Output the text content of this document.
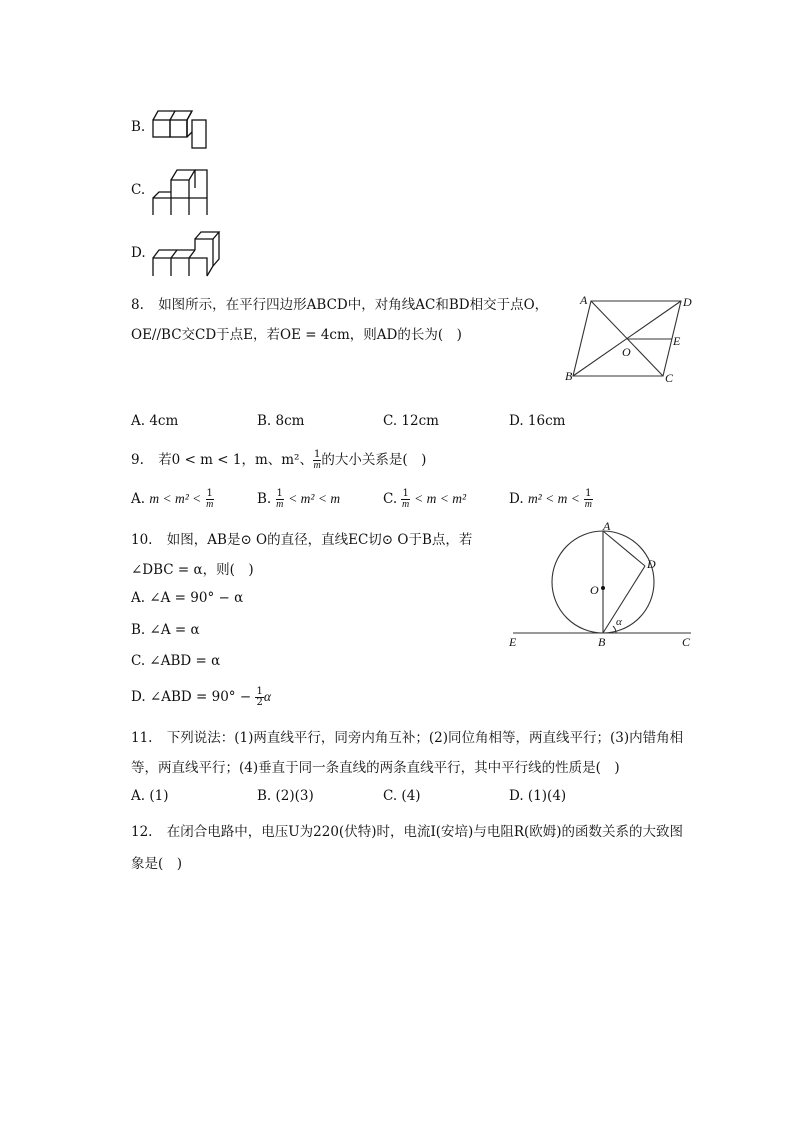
B.
C.
D.
8. 如图所示，在平行四边形ABCD中，对角线AC和BD相交于点O，
OE//BC交CD于点E，若OE = 4cm，则AD的长为(　)
A	D
E
O
B	C
A. 4cm	B. 8cm	C. 12cm	D. 16cm
9. 若0 < m < 1，m、m²、 $\frac{1}{m}$ 的大小关系是(　)
A. $m < m^2 < \frac{1}{m}$	B. $\frac{1}{m} < m^2 < m$	C. $\frac{1}{m} < m < m^2$	D. $m^2 < m < \frac{1}{m}$
10. 如图，AB是⊙ O的直径，直线EC切⊙ O于B点，若
∠DBC = α，则(　)
A. ∠A = 90° − α
B. ∠A = α
C. ∠ABD = α
D. ∠ABD = $90^\circ - \frac{1}{2}$ α
A
D
O
α
E	B	C
11. 下列说法：(1)两直线平行，同旁内角互补；(2)同位角相等，两直线平行；(3)内错角相
等，两直线平行；(4)垂直于同一条直线的两条直线平行，其中平行线的性质是(　)
A. (1)	B. (2)(3)	C. (4)	D. (1)(4)
12. 在闭合电路中，电压U为220(伏特)时，电流I(安培)与电阻R(欧姆)的函数关系的大致图
象是(　)
